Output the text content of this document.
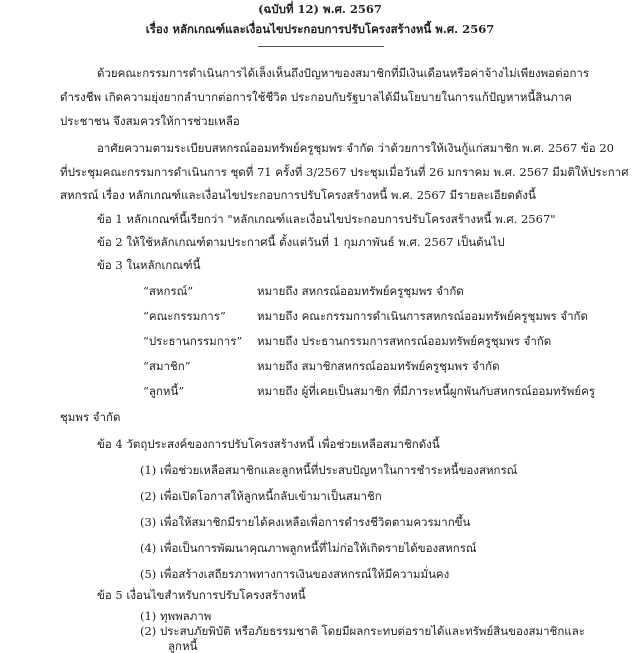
(ฉบับที่ 12) พ.ศ. 2567
เรื่อง หลักเกณฑ์และเงื่อนไขประกอบการปรับโครงสร้างหนี้ พ.ศ. 2567
ด้วยคณะกรรมการดำเนินการได้เล็งเห็นถึงปัญหาของสมาชิกที่มีเงินเดือนหรือค่าจ้างไม่เพียงพอต่อการ
ดำรงชีพ เกิดความยุ่งยากลำบากต่อการใช้ชีวิต ประกอบกับรัฐบาลได้มีนโยบายในการแก้ปัญหาหนี้สินภาค
ประชาชน จึงสมควรให้การช่วยเหลือ
อาศัยความตามระเบียบสหกรณ์ออมทรัพย์ครูชุมพร จำกัด ว่าด้วยการให้เงินกู้แก่สมาชิก พ.ศ. 2567 ข้อ 20
ที่ประชุมคณะกรรมการดำเนินการ ชุดที่ 71 ครั้งที่ 3/2567 ประชุมเมื่อวันที่ 26 มกราคม พ.ศ. 2567 มีมติให้ประกาศ
สหกรณ์ เรื่อง หลักเกณฑ์และเงื่อนไขประกอบการปรับโครงสร้างหนี้ พ.ศ. 2567 มีรายละเอียดดังนี้
ข้อ 1 หลักเกณฑ์นี้เรียกว่า "หลักเกณฑ์และเงื่อนไขประกอบการปรับโครงสร้างหนี้ พ.ศ. 2567"
ข้อ 2 ให้ใช้หลักเกณฑ์ตามประกาศนี้ ตั้งแต่วันที่ 1 กุมภาพันธ์ พ.ศ. 2567 เป็นต้นไป
ข้อ 3 ในหลักเกณฑ์นี้
“สหกรณ์”	หมายถึง สหกรณ์ออมทรัพย์ครูชุมพร จำกัด
“คณะกรรมการ”	หมายถึง คณะกรรมการดำเนินการสหกรณ์ออมทรัพย์ครูชุมพร จำกัด
“ประธานกรรมการ” หมายถึง ประธานกรรมการสหกรณ์ออมทรัพย์ครูชุมพร จำกัด
“สมาชิก”	หมายถึง สมาชิกสหกรณ์ออมทรัพย์ครูชุมพร จำกัด
“ลูกหนี้”	หมายถึง ผู้ที่เคยเป็นสมาชิก ที่มีภาระหนี้ผูกพันกับสหกรณ์ออมทรัพย์ครู
ชุมพร จำกัด
ข้อ 4 วัตถุประสงค์ของการปรับโครงสร้างหนี้ เพื่อช่วยเหลือสมาชิกดังนี้
(1) เพื่อช่วยเหลือสมาชิกและลูกหนี้ที่ประสบปัญหาในการชำระหนี้ของสหกรณ์
(2) เพื่อเปิดโอกาสให้ลูกหนี้กลับเข้ามาเป็นสมาชิก
(3) เพื่อให้สมาชิกมีรายได้คงเหลือเพื่อการดำรงชีวิตตามควรมากขึ้น
(4) เพื่อเป็นการพัฒนาคุณภาพลูกหนี้ที่ไม่ก่อให้เกิดรายได้ของสหกรณ์
(5) เพื่อสร้างเสถียรภาพทางการเงินของสหกรณ์ให้มีความมั่นคง
ข้อ 5 เงื่อนไขสำหรับการปรับโครงสร้างหนี้
(1) ทุพพลภาพ
(2) ประสบภัยพิบัติ หรือภัยธรรมชาติ โดยมีผลกระทบต่อรายได้และทรัพย์สินของสมาชิกและ
ลูกหนี้
